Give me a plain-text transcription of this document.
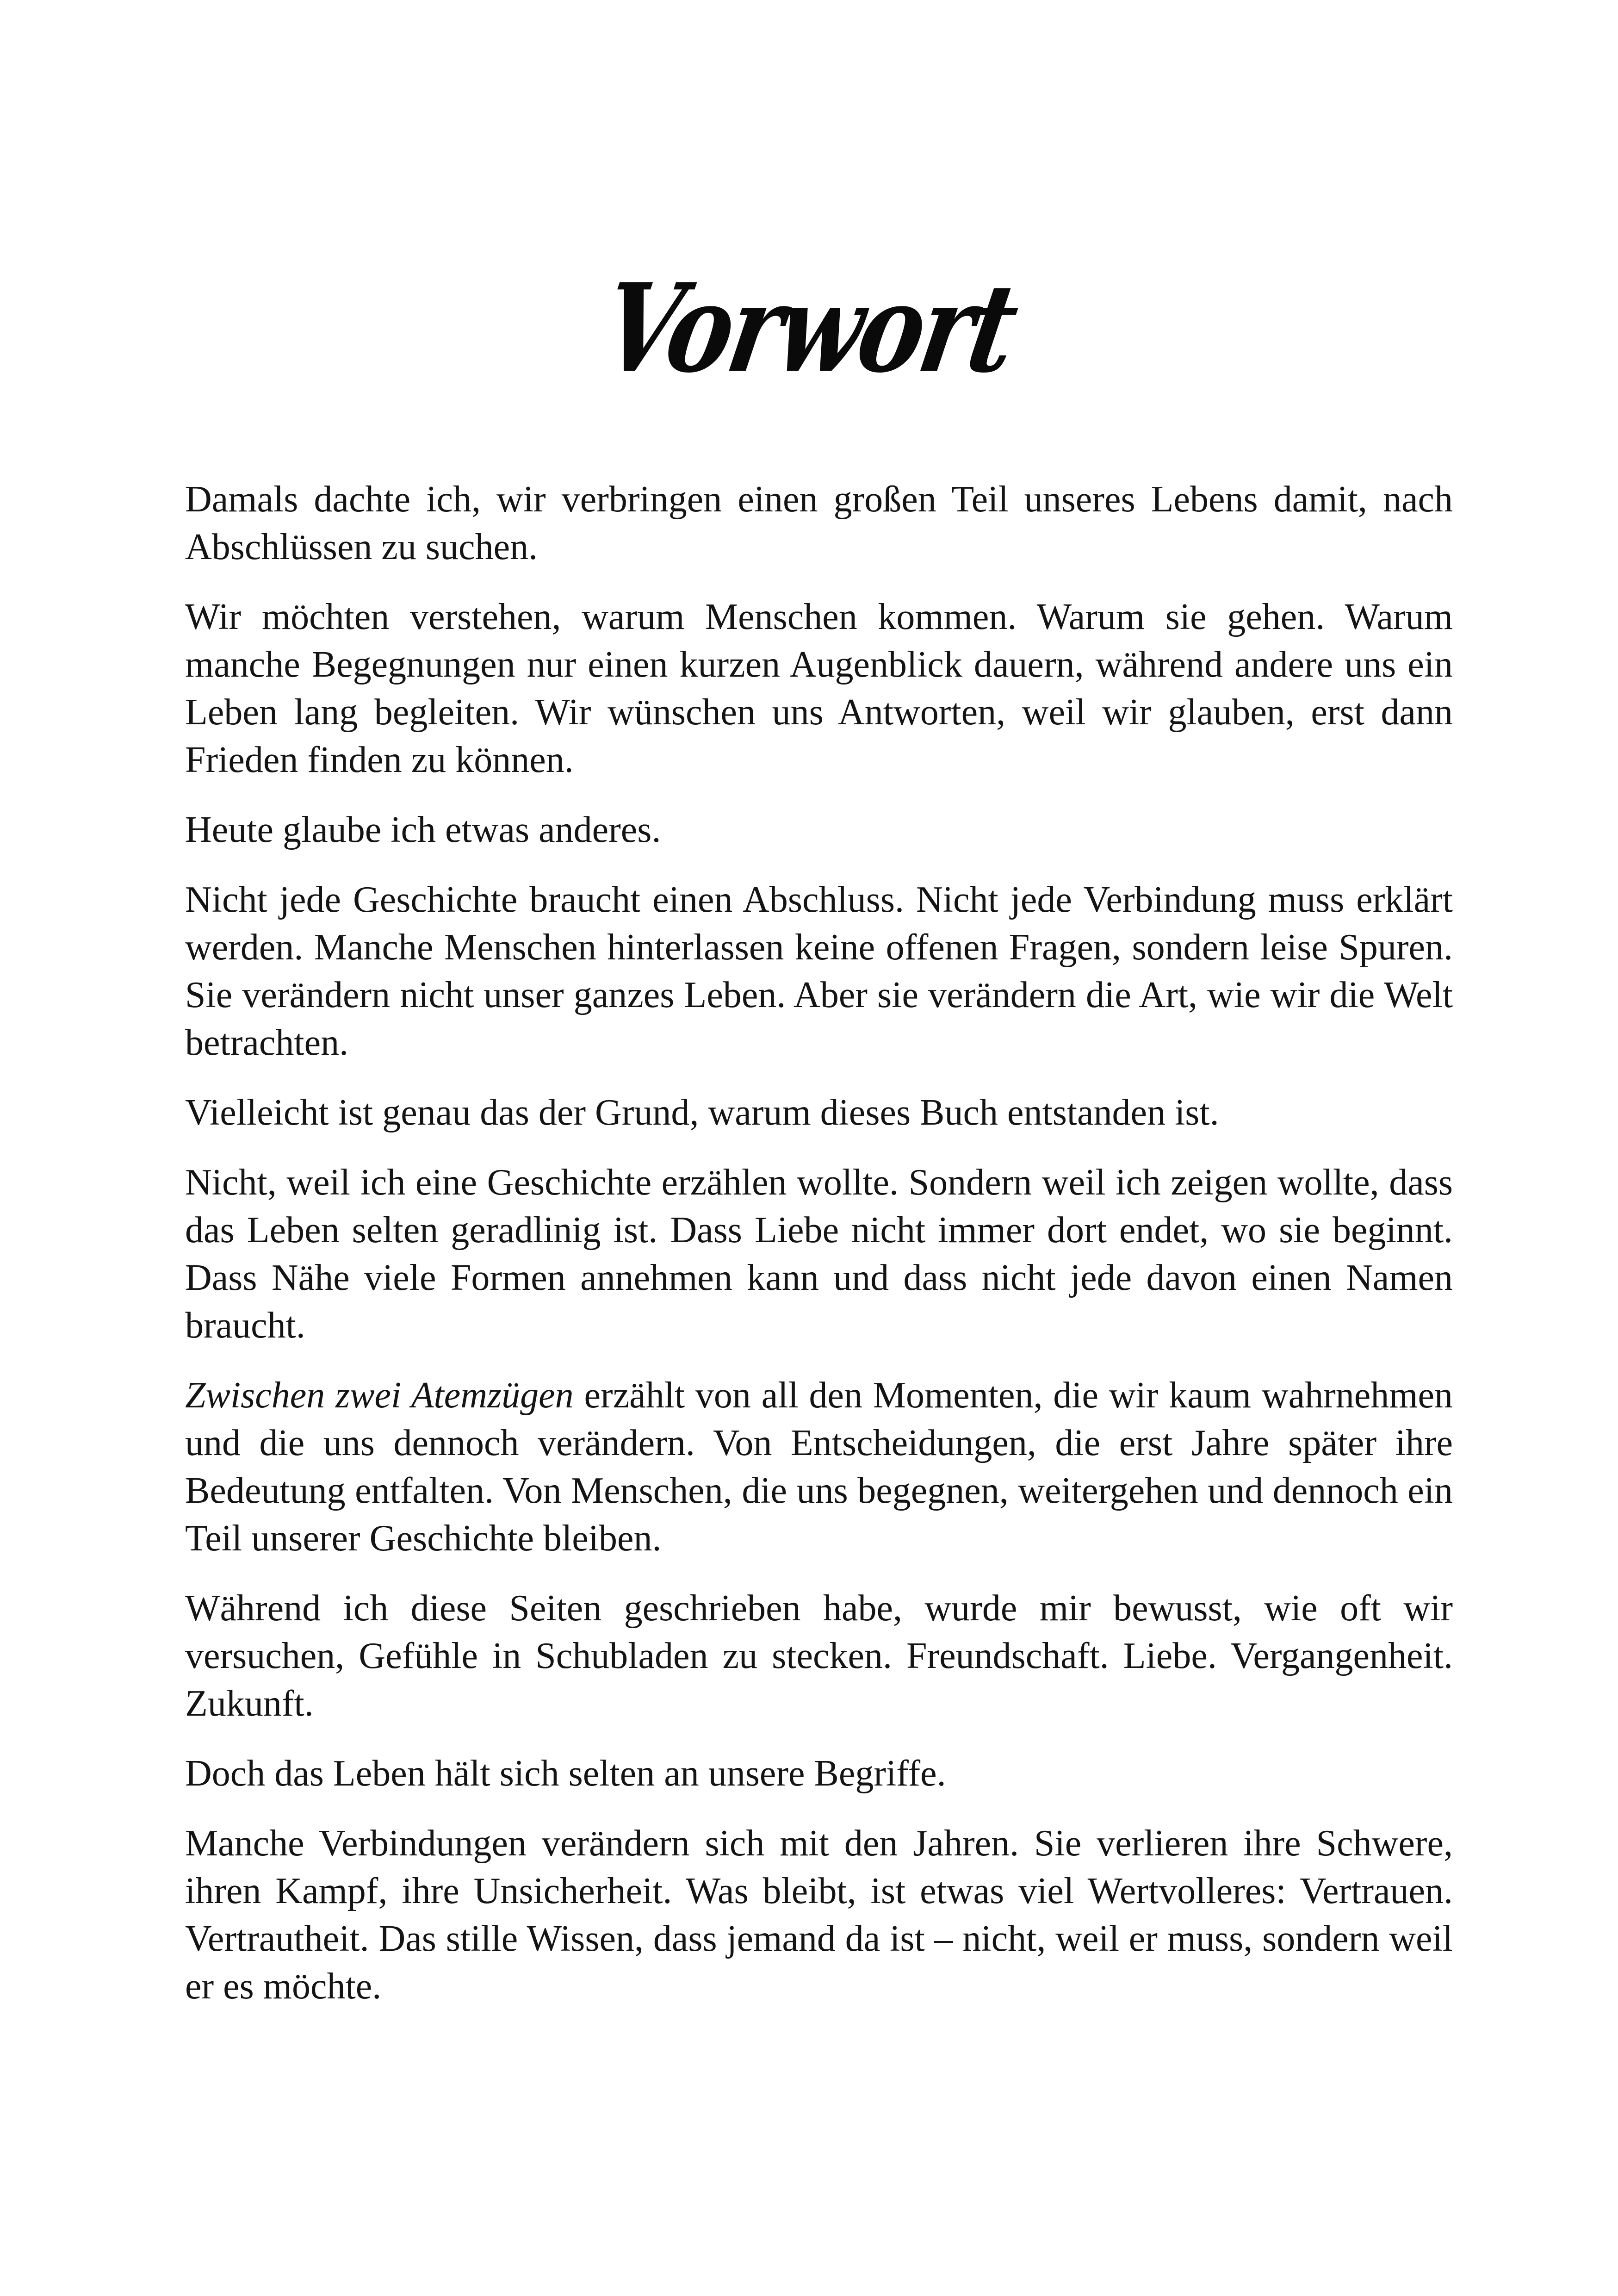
Vorwort

Damals dachte ich, wir verbringen einen großen Teil unseres Lebens damit, nach Abschlüssen zu suchen.

Wir möchten verstehen, warum Menschen kommen. Warum sie gehen. Warum manche Begegnungen nur einen kurzen Augenblick dauern, während andere uns ein Leben lang begleiten. Wir wünschen uns Antworten, weil wir glauben, erst dann Frieden finden zu können.

Heute glaube ich etwas anderes.

Nicht jede Geschichte braucht einen Abschluss. Nicht jede Verbindung muss erklärt werden. Manche Menschen hinterlassen keine offenen Fragen, sondern leise Spuren. Sie verändern nicht unser ganzes Leben. Aber sie verändern die Art, wie wir die Welt betrachten.

Vielleicht ist genau das der Grund, warum dieses Buch entstanden ist.

Nicht, weil ich eine Geschichte erzählen wollte. Sondern weil ich zeigen wollte, dass das Leben selten geradlinig ist. Dass Liebe nicht immer dort endet, wo sie beginnt. Dass Nähe viele Formen annehmen kann und dass nicht jede davon einen Namen braucht.

Zwischen zwei Atemzügen erzählt von all den Momenten, die wir kaum wahrnehmen und die uns dennoch verändern. Von Entscheidungen, die erst Jahre später ihre Bedeutung entfalten. Von Menschen, die uns begegnen, weitergehen und dennoch ein Teil unserer Geschichte bleiben.

Während ich diese Seiten geschrieben habe, wurde mir bewusst, wie oft wir versuchen, Gefühle in Schubladen zu stecken. Freundschaft. Liebe. Vergangenheit. Zukunft.

Doch das Leben hält sich selten an unsere Begriffe.

Manche Verbindungen verändern sich mit den Jahren. Sie verlieren ihre Schwere, ihren Kampf, ihre Unsicherheit. Was bleibt, ist etwas viel Wertvolleres: Vertrauen. Vertrautheit. Das stille Wissen, dass jemand da ist – nicht, weil er muss, sondern weil er es möchte.
